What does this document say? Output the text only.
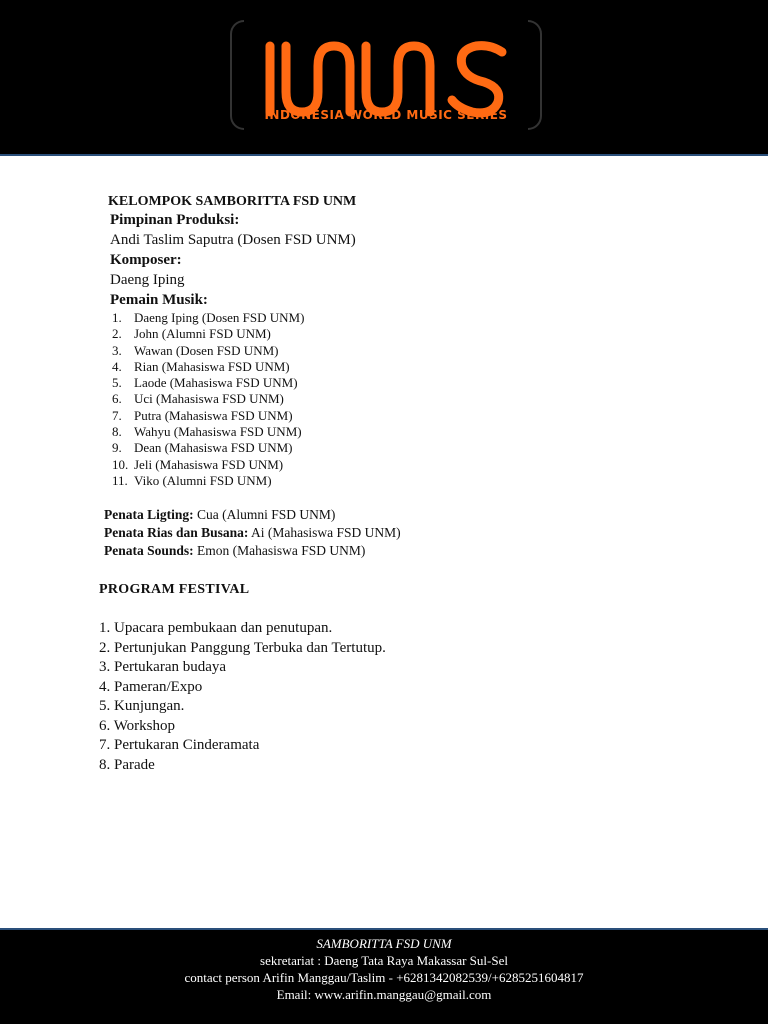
INDONESIA WORLD MUSIC SERIES
KELOMPOK SAMBORITTA FSD UNM
Pimpinan Produksi:
Andi Taslim Saputra (Dosen FSD UNM)
Komposer:
Daeng Iping
Pemain Musik:
1. Daeng Iping (Dosen FSD UNM)
2. John (Alumni FSD UNM)
3. Wawan (Dosen FSD UNM)
4. Rian (Mahasiswa FSD UNM)
5. Laode (Mahasiswa FSD UNM)
6. Uci (Mahasiswa FSD UNM)
7. Putra (Mahasiswa FSD UNM)
8. Wahyu (Mahasiswa FSD UNM)
9. Dean (Mahasiswa FSD UNM)
10. Jeli (Mahasiswa FSD UNM)
11. Viko (Alumni FSD UNM)
Penata Ligting: Cua (Alumni FSD UNM)
Penata Rias dan Busana: Ai (Mahasiswa FSD UNM)
Penata Sounds: Emon (Mahasiswa FSD UNM)
PROGRAM FESTIVAL
1. Upacara pembukaan dan penutupan.
2. Pertunjukan Panggung Terbuka dan Tertutup.
3. Pertukaran budaya
4. Pameran/Expo
5. Kunjungan.
6. Workshop
7. Pertukaran Cinderamata
8. Parade
SAMBORITTA FSD UNM
sekretariat : Daeng Tata Raya Makassar Sul-Sel
contact person Arifin Manggau/Taslim - +6281342082539/+6285251604817
Email: www.arifin.manggau@gmail.com
